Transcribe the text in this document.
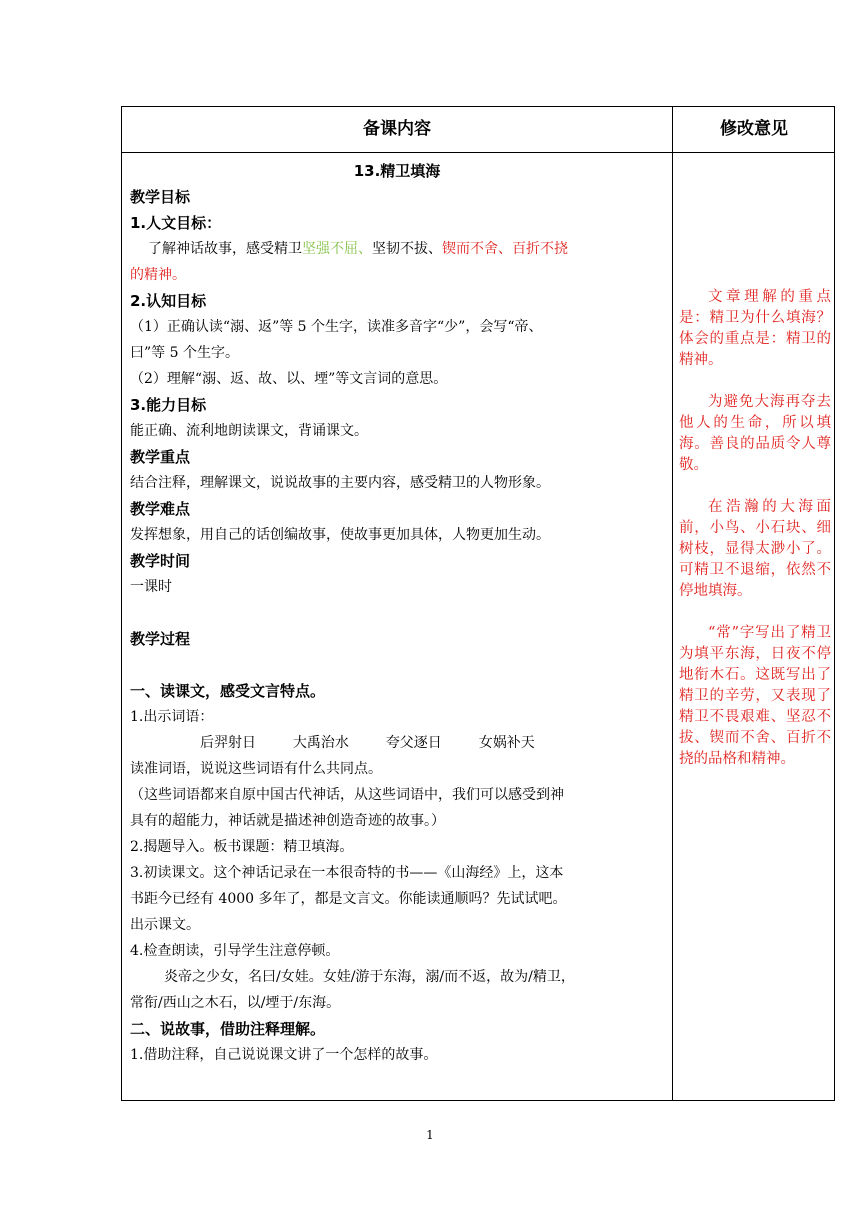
备课内容	修改意见
13.精卫填海
教学目标
1.人文目标：
了解神话故事，感受精卫坚强不屈、坚韧不拔、锲而不舍、百折不挠
的精神。
2.认知目标
（1）正确认读“溺、返”等 5 个生字，读准多音字“少”，会写“帝、
曰”等 5 个生字。
（2）理解“溺、返、故、以、堙”等文言词的意思。
3.能力目标
能正确、流利地朗读课文，背诵课文。
教学重点
结合注释，理解课文，说说故事的主要内容，感受精卫的人物形象。
教学难点
发挥想象，用自己的话创编故事，使故事更加具体，人物更加生动。
教学时间
一课时
教学过程
一、读课文，感受文言特点。
1.出示词语：
后羿射日	大禹治水	夸父逐日	女娲补天
读准词语，说说这些词语有什么共同点。
（这些词语都来自原中国古代神话，从这些词语中，我们可以感受到神
具有的超能力，神话就是描述神创造奇迹的故事。）
2.揭题导入。板书课题：精卫填海。
3.初读课文。这个神话记录在一本很奇特的书——《山海经》上，这本
书距今已经有 4000 多年了，都是文言文。你能读通顺吗？先试试吧。
出示课文。
4.检查朗读，引导学生注意停顿。
炎帝之少女，名曰/女娃。女娃/游于东海，溺/而不返，故为/精卫，
常衔/西山之木石，以/堙于/东海。
二、说故事，借助注释理解。
1.借助注释，自己说说课文讲了一个怎样的故事。
文章理解的重点是：精卫为什么填海？体会的重点是：精卫的精神。
为避免大海再夺去他人的生命，所以填海。善良的品质令人尊敬。
在浩瀚的大海面前，小鸟、小石块、细树枝，显得太渺小了。可精卫不退缩，依然不停地填海。
“常”字写出了精卫为填平东海，日夜不停地衔木石。这既写出了精卫的辛劳，又表现了精卫不畏艰难、坚忍不拔、锲而不舍、百折不挠的品格和精神。
1
